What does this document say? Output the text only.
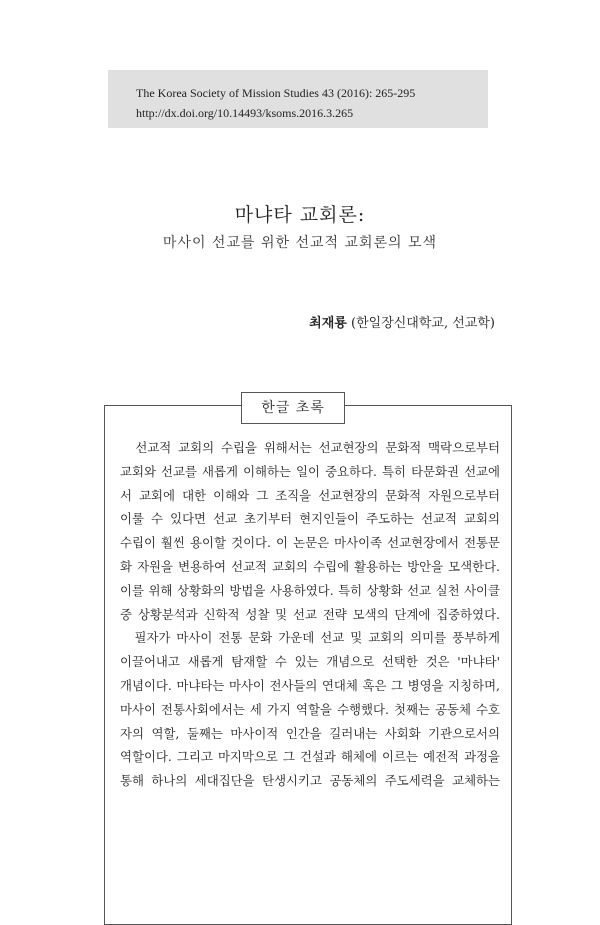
The Korea Society of Mission Studies 43 (2016): 265-295
http://dx.doi.org/10.14493/ksoms.2016.3.265
마냐타 교회론:
마사이 선교를 위한 선교적 교회론의 모색
최재룡 (한일장신대학교, 선교학)
한글 초록
　선교적 교회의 수립을 위해서는 선교현장의 문화적 맥락으로부터
교회와 선교를 새롭게 이해하는 일이 중요하다. 특히 타문화권 선교에
서 교회에 대한 이해와 그 조직을 선교현장의 문화적 자원으로부터
이룰 수 있다면 선교 초기부터 현지인들이 주도하는 선교적 교회의
수립이 훨씬 용이할 것이다. 이 논문은 마사이족 선교현장에서 전통문
화 자원을 변용하여 선교적 교회의 수립에 활용하는 방안을 모색한다.
이를 위해 상황화의 방법을 사용하였다. 특히 상황화 선교 실천 사이클
중 상황분석과 신학적 성찰 및 선교 전략 모색의 단계에 집중하였다.
　필자가 마사이 전통 문화 가운데 선교 및 교회의 의미를 풍부하게
이끌어내고 새롭게 탐재할 수 있는 개념으로 선택한 것은 '마냐타'
개념이다. 마냐타는 마사이 전사들의 연대체 혹은 그 병영을 지칭하며,
마사이 전통사회에서는 세 가지 역할을 수행했다. 첫째는 공동체 수호
자의 역할, 둘째는 마사이적 인간을 길러내는 사회화 기관으로서의
역할이다. 그리고 마지막으로 그 건설과 해체에 이르는 예전적 과정을
통해 하나의 세대집단을 탄생시키고 공동체의 주도세력을 교체하는
